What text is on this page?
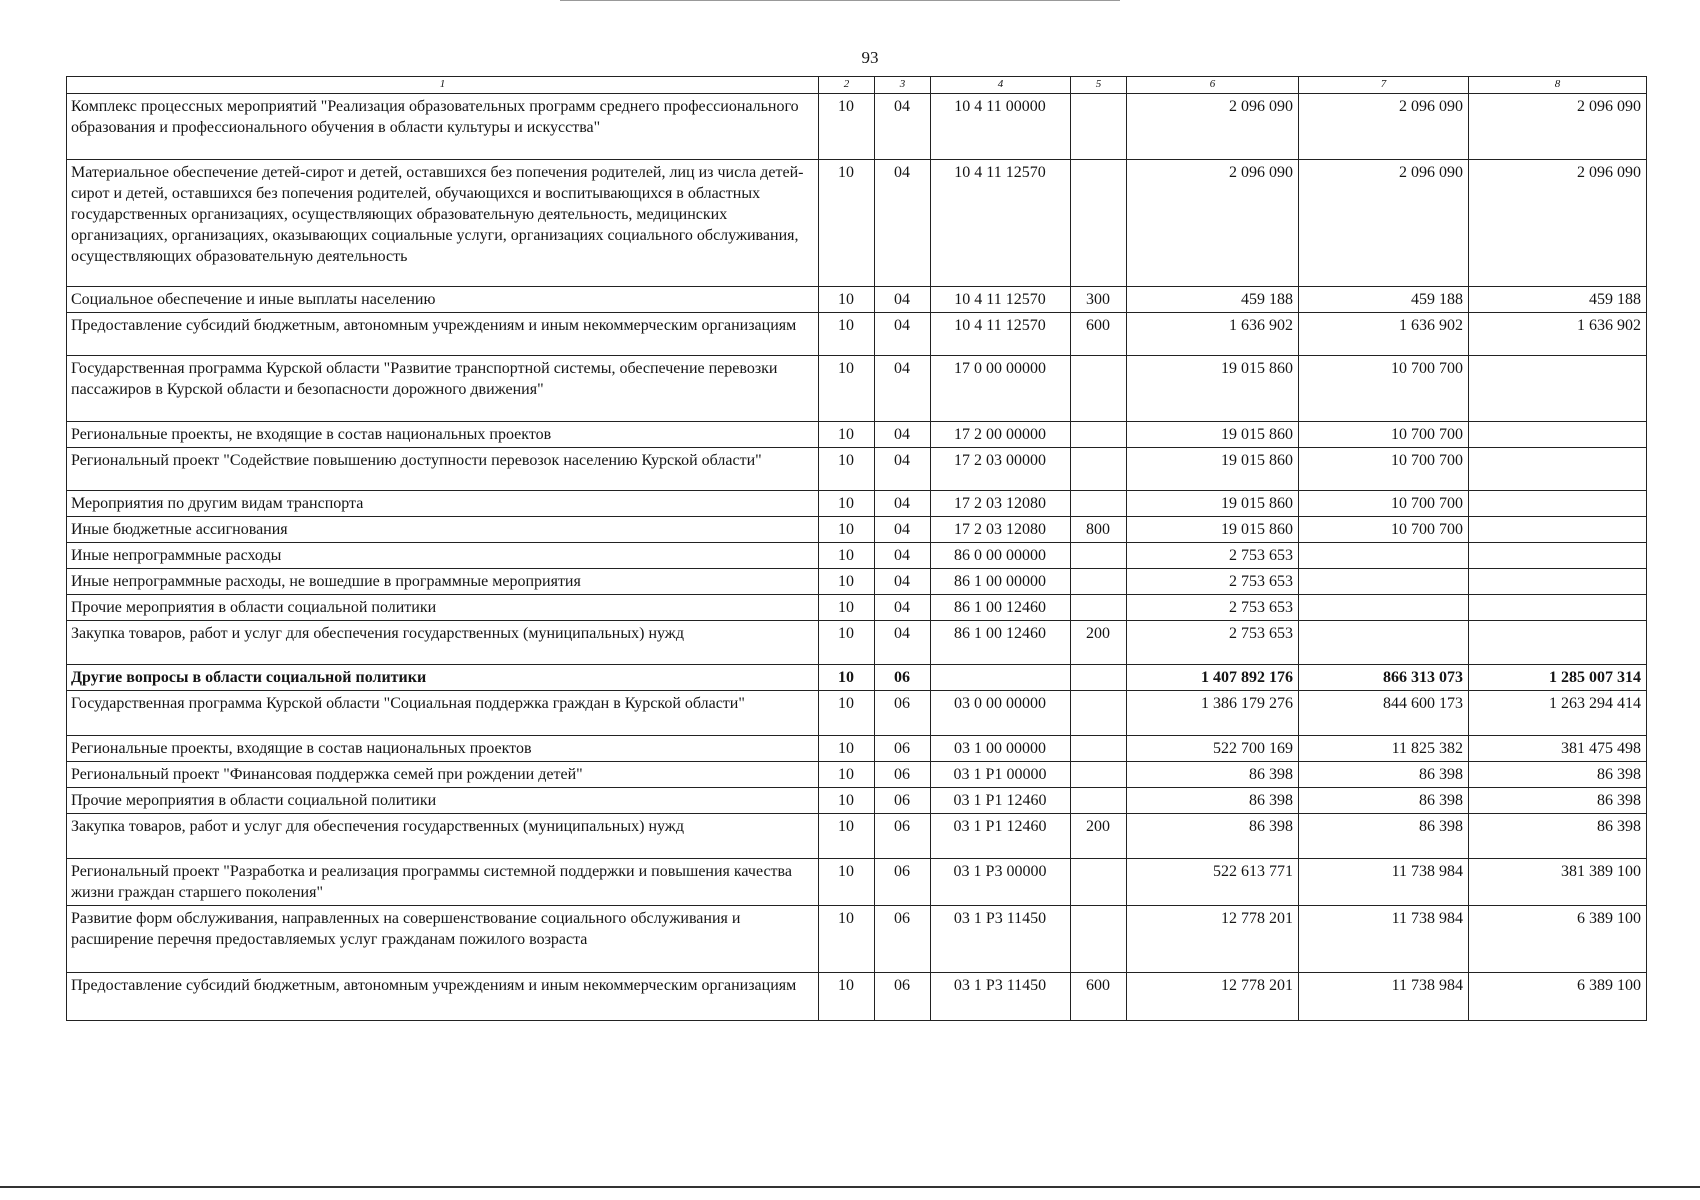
93
1	2	3	4	5	6	7	8
Комплекс процессных мероприятий "Реализация образовательных программ среднего профессионального образования и профессионального обучения в области культуры и искусства"	10	04	10 4 11 00000		2 096 090	2 096 090	2 096 090
Материальное обеспечение детей-сирот и детей, оставшихся без попечения родителей, лиц из числа детей-сирот и детей, оставшихся без попечения родителей, обучающихся и воспитывающихся в областных государственных организациях, осуществляющих образовательную деятельность, медицинских организациях, организациях, оказывающих социальные услуги, организациях социального обслуживания, осуществляющих образовательную деятельность	10	04	10 4 11 12570		2 096 090	2 096 090	2 096 090
Социальное обеспечение и иные выплаты населению	10	04	10 4 11 12570	300	459 188	459 188	459 188
Предоставление субсидий бюджетным, автономным учреждениям и иным некоммерческим организациям	10	04	10 4 11 12570	600	1 636 902	1 636 902	1 636 902
Государственная программа Курской области "Развитие транспортной системы, обеспечение перевозки пассажиров в Курской области и безопасности дорожного движения"	10	04	17 0 00 00000		19 015 860	10 700 700	
Региональные проекты, не входящие в состав национальных проектов	10	04	17 2 00 00000		19 015 860	10 700 700	
Региональный проект "Содействие повышению доступности перевозок населению Курской области"	10	04	17 2 03 00000		19 015 860	10 700 700	
Мероприятия по другим видам транспорта	10	04	17 2 03 12080		19 015 860	10 700 700	
Иные бюджетные ассигнования	10	04	17 2 03 12080	800	19 015 860	10 700 700	
Иные непрограммные расходы	10	04	86 0 00 00000		2 753 653		
Иные непрограммные расходы, не вошедшие в программные мероприятия	10	04	86 1 00 00000		2 753 653		
Прочие мероприятия в области социальной политики	10	04	86 1 00 12460		2 753 653		
Закупка товаров, работ и услуг для обеспечения государственных (муниципальных) нужд	10	04	86 1 00 12460	200	2 753 653		
Другие вопросы в области социальной политики	10	06			1 407 892 176	866 313 073	1 285 007 314
Государственная программа Курской области "Социальная поддержка граждан в Курской области"	10	06	03 0 00 00000		1 386 179 276	844 600 173	1 263 294 414
Региональные проекты, входящие в состав национальных проектов	10	06	03 1 00 00000		522 700 169	11 825 382	381 475 498
Региональный проект "Финансовая поддержка семей при рождении детей"	10	06	03 1 P1 00000		86 398	86 398	86 398
Прочие мероприятия в области социальной политики	10	06	03 1 P1 12460		86 398	86 398	86 398
Закупка товаров, работ и услуг для обеспечения государственных (муниципальных) нужд	10	06	03 1 P1 12460	200	86 398	86 398	86 398
Региональный проект "Разработка и реализация программы системной поддержки и повышения качества жизни граждан старшего поколения"	10	06	03 1 P3 00000		522 613 771	11 738 984	381 389 100
Развитие форм обслуживания, направленных на совершенствование социального обслуживания и расширение перечня предоставляемых услуг гражданам пожилого возраста	10	06	03 1 P3 11450		12 778 201	11 738 984	6 389 100
Предоставление субсидий бюджетным, автономным учреждениям и иным некоммерческим организациям	10	06	03 1 P3 11450	600	12 778 201	11 738 984	6 389 100
